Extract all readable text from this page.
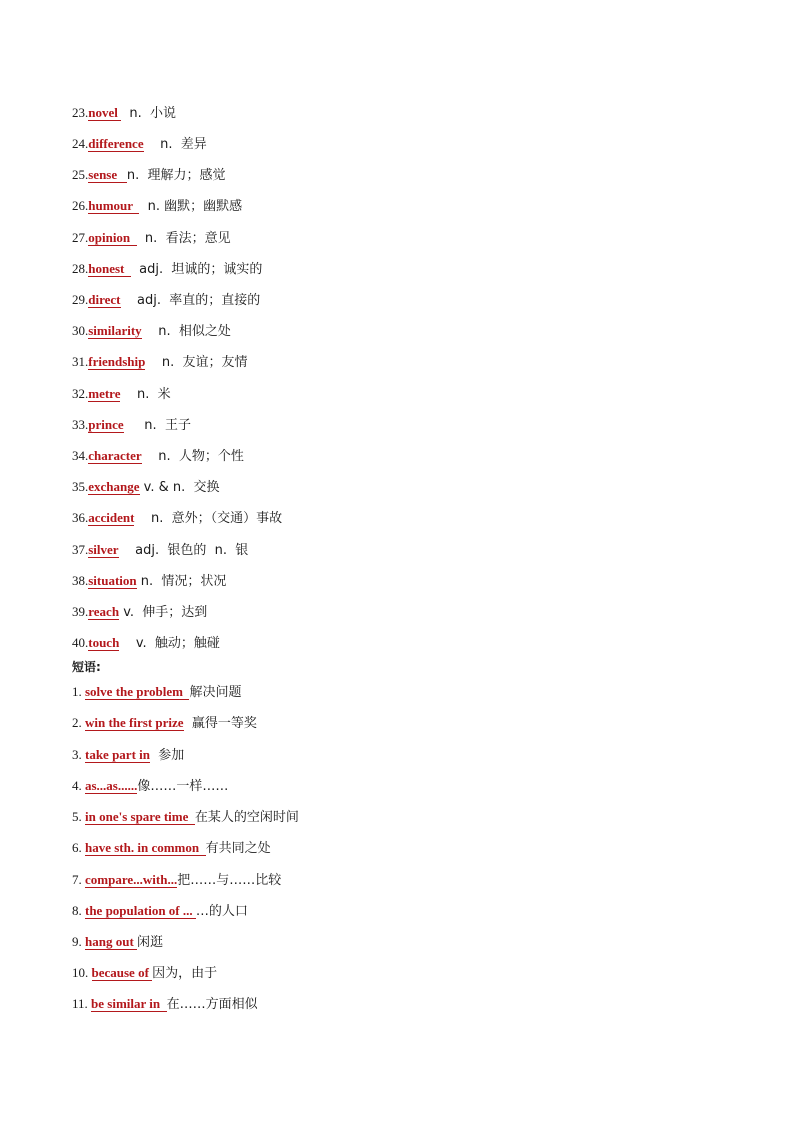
23.novel   n.  小说
24.difference    n.  差异
25.sense   n.  理解力；感觉
26.humour    n. 幽默；幽默感
27.opinion    n.  看法；意见
28.honest    adj.  坦诚的；诚实的
29.direct    adj.  率直的；直接的
30.similarity    n.  相似之处
31.friendship    n.  友谊；友情
32.metre    n.  米
33.prince     n.  王子
34.character    n.  人物；个性
35.exchange v. & n.  交换
36.accident    n.  意外；（交通）事故
37.silver    adj.  银色的  n.  银
38.situation n.  情况；状况
39.reach v.  伸手；达到
40.touch    v.  触动；触碰
短语:
1. solve the problem  解决问题
2. win the first prize  赢得一等奖
3. take part in  参加
4. as...as......像……一样……
5. in one's spare time  在某人的空闲时间
6. have sth. in common  有共同之处
7. compare...with...把……与……比较
8. the population of ... …的人口
9. hang out 闲逛
10. because of 因为，由于
11. be similar in  在……方面相似
